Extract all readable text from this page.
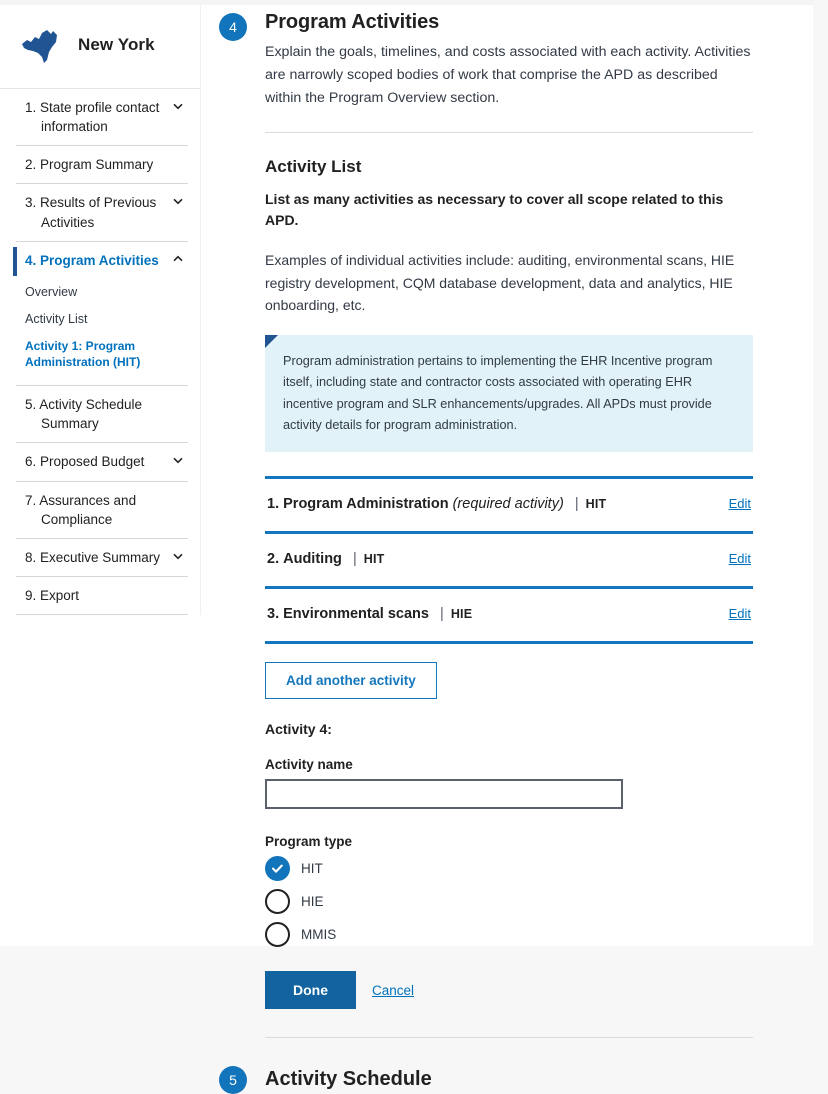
New York
1. State profile contact information
2. Program Summary
3. Results of Previous Activities
4. Program Activities
Overview
Activity List
Activity 1: Program Administration (HIT)
5. Activity Schedule Summary
6. Proposed Budget
7. Assurances and Compliance
8. Executive Summary
9. Export
4	Program Activities

Explain the goals, timelines, and costs associated with each activity. Activities are narrowly scoped bodies of work that comprise the APD as described within the Program Overview section.

Activity List

List as many activities as necessary to cover all scope related to this APD.

Examples of individual activities include: auditing, environmental scans, HIE registry development, CQM database development, data and analytics, HIE onboarding, etc.

Program administration pertains to implementing the EHR Incentive program itself, including state and contractor costs associated with operating EHR incentive program and SLR enhancements/upgrades. All APDs must provide activity details for program administration.

1. Program Administration (required activity) | HIT	Edit
2. Auditing | HIT	Edit
3. Environmental scans | HIE	Edit
Add another activity
Activity 4:
Activity name
Program type
HIT
HIE
MMIS
Done	Cancel
5	Activity Schedule
